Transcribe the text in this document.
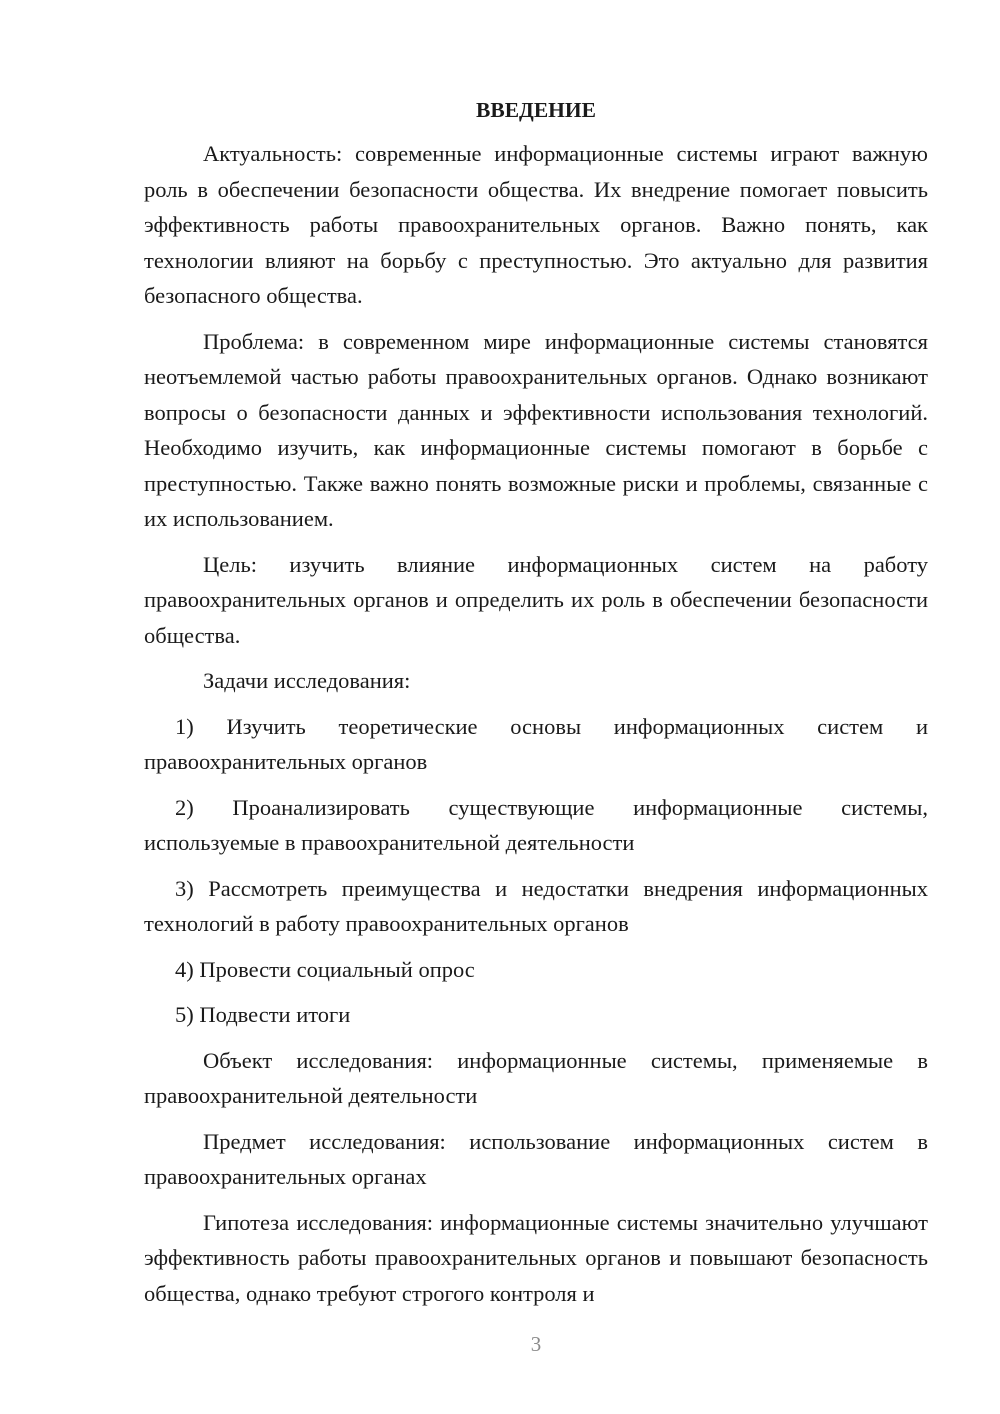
ВВЕДЕНИЕ

Актуальность: современные информационные системы играют важную роль в обеспечении безопасности общества. Их внедрение помогает повысить эффективность работы правоохранительных органов. Важно понять, как технологии влияют на борьбу с преступностью. Это актуально для развития безопасного общества.

Проблема: в современном мире информационные системы становятся неотъемлемой частью работы правоохранительных органов. Однако возникают вопросы о безопасности данных и эффективности использования технологий. Необходимо изучить, как информационные системы помогают в борьбе с преступностью. Также важно понять возможные риски и проблемы, связанные с их использованием.

Цель: изучить влияние информационных систем на работу правоохранительных органов и определить их роль в обеспечении безопасности общества.

Задачи исследования:

1) Изучить теоретические основы информационных систем и правоохранительных органов

2) Проанализировать существующие информационные системы, используемые в правоохранительной деятельности

3) Рассмотреть преимущества и недостатки внедрения информационных технологий в работу правоохранительных органов

4) Провести социальный опрос

5) Подвести итоги

Объект исследования: информационные системы, применяемые в правоохранительной деятельности

Предмет исследования: использование информационных систем в правоохранительных органах

Гипотеза исследования: информационные системы значительно улучшают эффективность работы правоохранительных органов и повышают безопасность общества, однако требуют строгого контроля и

3
